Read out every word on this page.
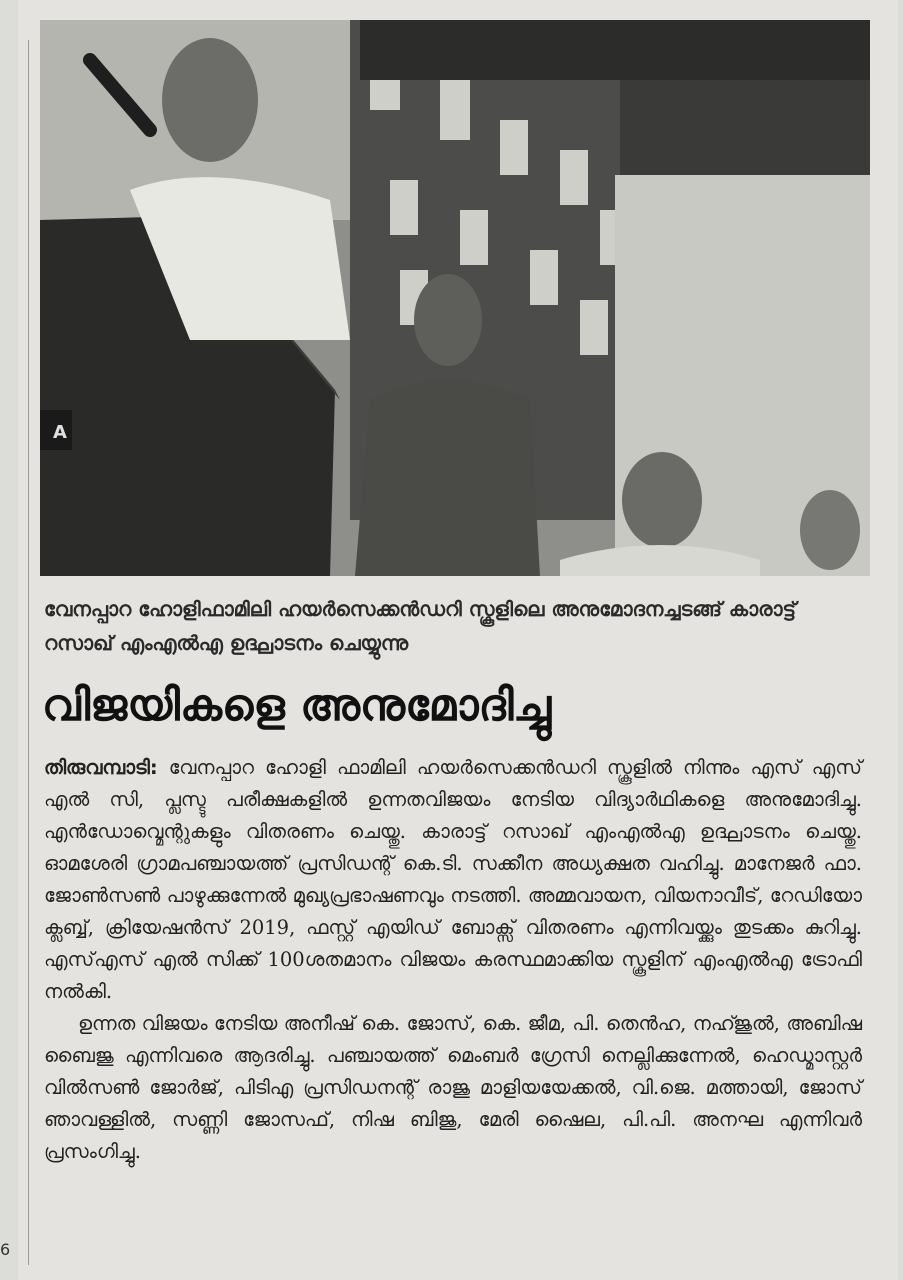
A
വേനപ്പാറ ഹോളിഫാമിലി ഹയർസെക്കൻഡറി സ്കൂളിലെ അനുമോദനച്ചടങ്ങ് കാരാട്ട് റസാഖ് എംഎൽഎ ഉദ്ഘാടനം ചെയ്യുന്നു
വിജയികളെ അനുമോദിച്ചു

തിരുവമ്പാടി: വേനപ്പാറ ഹോളി ഫാമിലി ഹയർസെക്കൻഡറി സ്കൂളിൽ നിന്നും എസ് എസ് എൽ സി, പ്ലസ്ടു പരീക്ഷകളിൽ ഉന്നതവിജയം നേടിയ വിദ്യാർഥികളെ അനുമോദിച്ചു. എൻഡോവ്മെന്റുകളും വിതരണം ചെയ്തു. കാരാട്ട് റസാഖ് എംഎൽഎ ഉദ്ഘാടനം ചെയ്തു. ഓമശേരി ഗ്രാമപഞ്ചായത്ത് പ്രസിഡന്റ് കെ.ടി. സക്കീന അധ്യക്ഷത വഹിച്ചു. മാനേജർ ഫാ. ജോൺസൺ പാഴുക്കുന്നേൽ മുഖ്യപ്രഭാഷണവും നടത്തി. അമ്മവായന, വിയനാവീട്, റേഡിയോ ക്ലബ്ബ്, ക്രിയേഷൻസ് 2019, ഫസ്റ്റ് എയിഡ് ബോക്സ് വിതരണം എന്നിവയ്ക്കും തുടക്കം കുറിച്ചു. എസ്എസ് എൽ സിക്ക് 100ശതമാനം വിജയം കരസ്ഥമാക്കിയ സ്കൂളിന് എംഎൽഎ ട്രോഫി നൽകി.

ഉന്നത വിജയം നേടിയ അനീഷ് കെ. ജോസ്, കെ. ജീമ, പി. തെൻഹ, നഹ്ജുൽ, അബിഷ ബൈജു എന്നിവരെ ആദരിച്ചു. പഞ്ചായത്ത് മെംബർ ഗ്രേസി നെല്ലിക്കുന്നേൽ, ഹെഡ്മാസ്റ്റർ വിൽസൺ ജോർജ്, പിടിഎ പ്രസിഡനന്റ് രാജു മാളിയയേക്കൽ, വി.ജെ. മത്തായി, ജോസ് ഞാവള്ളിൽ, സണ്ണി ജോസഫ്, നിഷ ബിജു, മേരി ഷൈല, പി.പി. അനഘ എന്നിവർ പ്രസംഗിച്ചു.

6
